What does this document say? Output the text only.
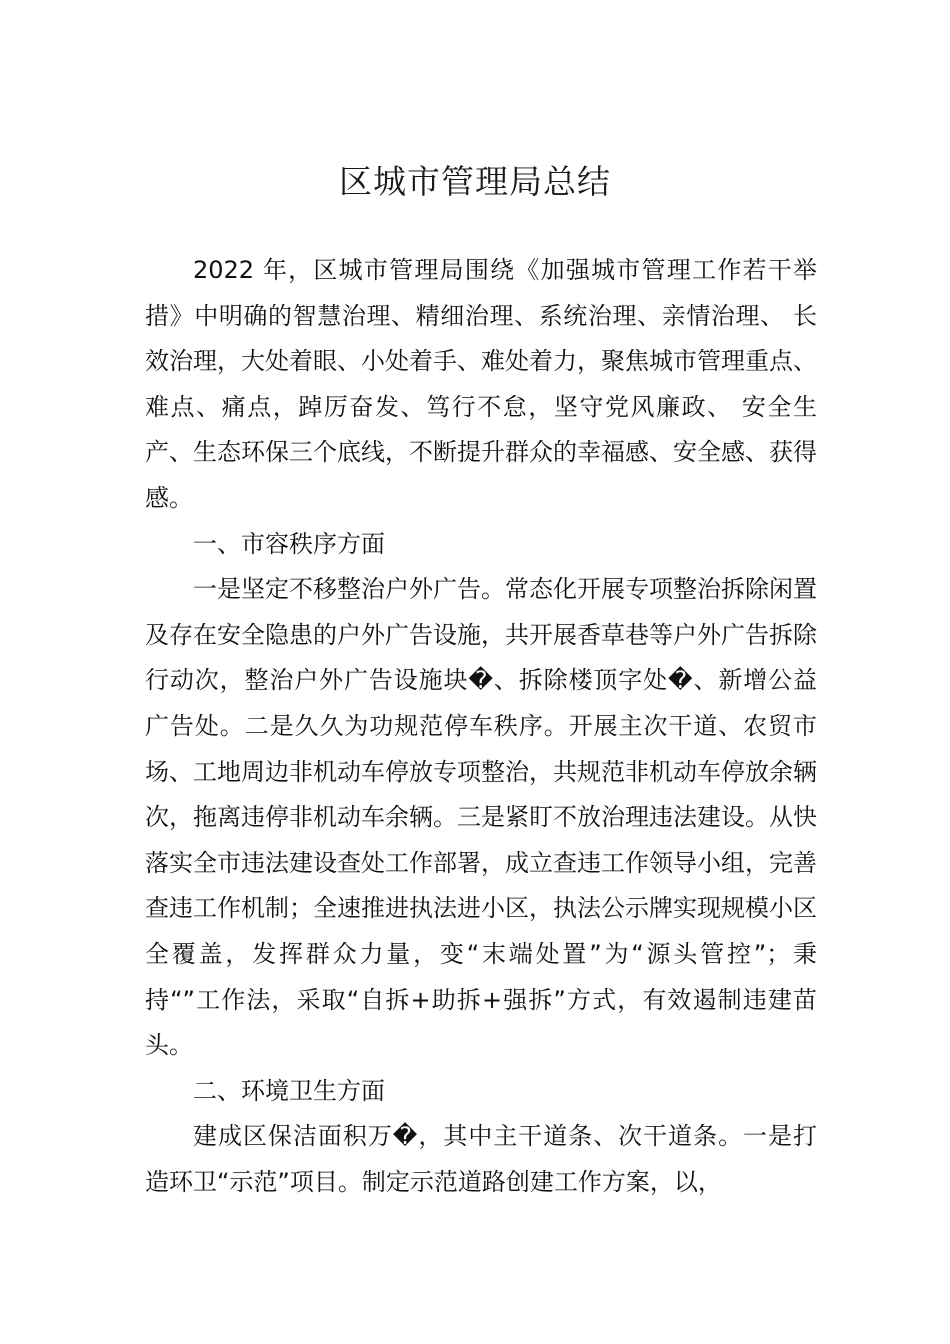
区城市管理局总结

2022 年，区城市管理局围绕《加强城市管理工作若干举措》中明确的智慧治理、精细治理、系统治理、亲情治理、 长效治理，大处着眼、小处着手、难处着力，聚焦城市管理重点、难点、痛点，踔厉奋发、笃行不怠，坚守党风廉政、 安全生产、生态环保三个底线，不断提升群众的幸福感、安全感、获得感。

一、市容秩序方面

一是坚定不移整治户外广告。常态化开展专项整治拆除闲置及存在安全隐患的户外广告设施，共开展香草巷等户外广告拆除行动次，整治户外广告设施块�、拆除楼顶字处�、新增公益广告处。二是久久为功规范停车秩序。开展主次干道、农贸市场、工地周边非机动车停放专项整治，共规范非机动车停放余辆次，拖离违停非机动车余辆。三是紧盯不放治理违法建设。从快落实全市违法建设查处工作部署，成立查违工作领导小组，完善查违工作机制；全速推进执法进小区，执法公示牌实现规模小区全覆盖，发挥群众力量，变“末端处置”为“源头管控”；秉持“”工作法，采取“自拆+助拆+强拆”方式，有效遏制违建苗头。

二、环境卫生方面

建成区保洁面积万�，其中主干道条、次干道条。一是打造环卫“示范”项目。制定示范道路创建工作方案，以，
